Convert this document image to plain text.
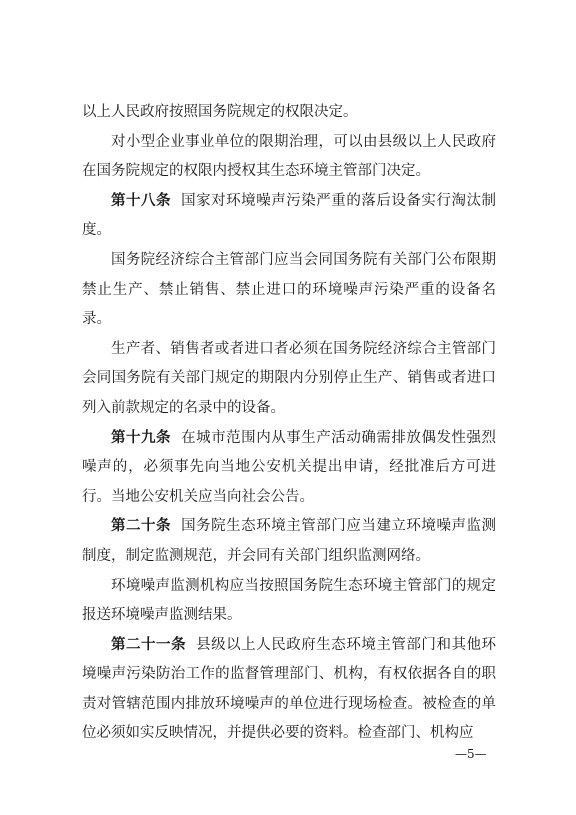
以上人民政府按照国务院规定的权限决定。

对小型企业事业单位的限期治理，可以由县级以上人民政府在国务院规定的权限内授权其生态环境主管部门决定。

第十八条 国家对环境噪声污染严重的落后设备实行淘汰制度。

国务院经济综合主管部门应当会同国务院有关部门公布限期禁止生产、禁止销售、禁止进口的环境噪声污染严重的设备名录。

生产者、销售者或者进口者必须在国务院经济综合主管部门会同国务院有关部门规定的期限内分别停止生产、销售或者进口列入前款规定的名录中的设备。

第十九条 在城市范围内从事生产活动确需排放偶发性强烈噪声的，必须事先向当地公安机关提出申请，经批准后方可进行。当地公安机关应当向社会公告。

第二十条 国务院生态环境主管部门应当建立环境噪声监测制度，制定监测规范，并会同有关部门组织监测网络。

环境噪声监测机构应当按照国务院生态环境主管部门的规定报送环境噪声监测结果。

第二十一条 县级以上人民政府生态环境主管部门和其他环境噪声污染防治工作的监督管理部门、机构，有权依据各自的职责对管辖范围内排放环境噪声的单位进行现场检查。被检查的单位必须如实反映情况，并提供必要的资料。检查部门、机构应

—5—
